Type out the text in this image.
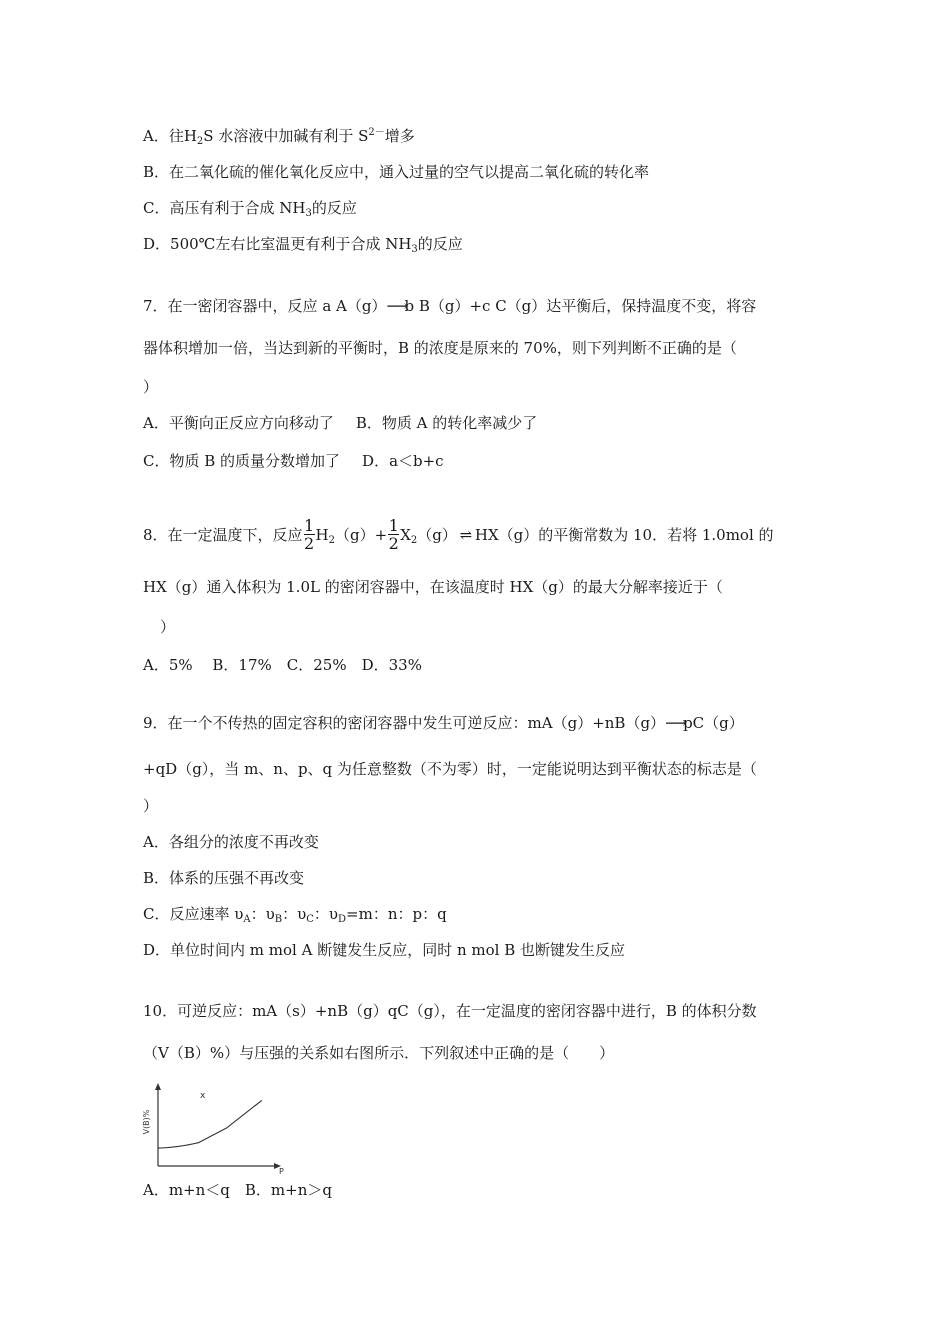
A．往$H_2S$ 水溶液中加碱有利于 $S^{2-}$增多
B．在二氧化硫的催化氧化反应中，通入过量的空气以提高二氧化硫的转化率
C．高压有利于合成 $NH_3$的反应
D．500℃左右比室温更有利于合成 $NH_3$的反应
7．在一密闭容器中，反应 a A（g）⟶b B（g）+c C（g）达平衡后，保持温度不变，将容
器体积增加一倍，当达到新的平衡时，B 的浓度是原来的 70%，则下列判断不正确的是（
）
A．平衡向正反应方向移动了 B．物质 A 的转化率减少了
C．物质 B 的质量分数增加了 D．a＜b+c
8．在一定温度下，反应 $\frac{1}{2} H_2(g)+ \frac{1}{2} X_2(g)$ ⇌ HX（g）的平衡常数为 10．若将 1.0mol 的
HX（g）通入体积为 1.0L 的密闭容器中，在该温度时 HX（g）的最大分解率接近于（
）
A．5%　 B．17%　C．25%　D．33%
9．在一个不传热的固定容积的密闭容器中发生可逆反应：mA（g）+nB（g）⟶pC（g）
+qD（g），当 m、n、p、q 为任意整数（不为零）时，一定能说明达到平衡状态的标志是（
）
A．各组分的浓度不再改变
B．体系的压强不再改变
C．反应速率 $\upsilon_A$：$\upsilon_B$：$\upsilon_C$：$\upsilon_D=m$：n：p：q
D．单位时间内 m mol A 断键发生反应，同时 n mol B 也断键发生反应
10．可逆反应：mA（s）+nB（g）qC（g），在一定温度的密闭容器中进行，B 的体积分数
（V（B）%）与压强的关系如右图所示．下列叙述中正确的是（　　）
V(B)%
P
x
A．m+n＜q　B．m+n＞q
